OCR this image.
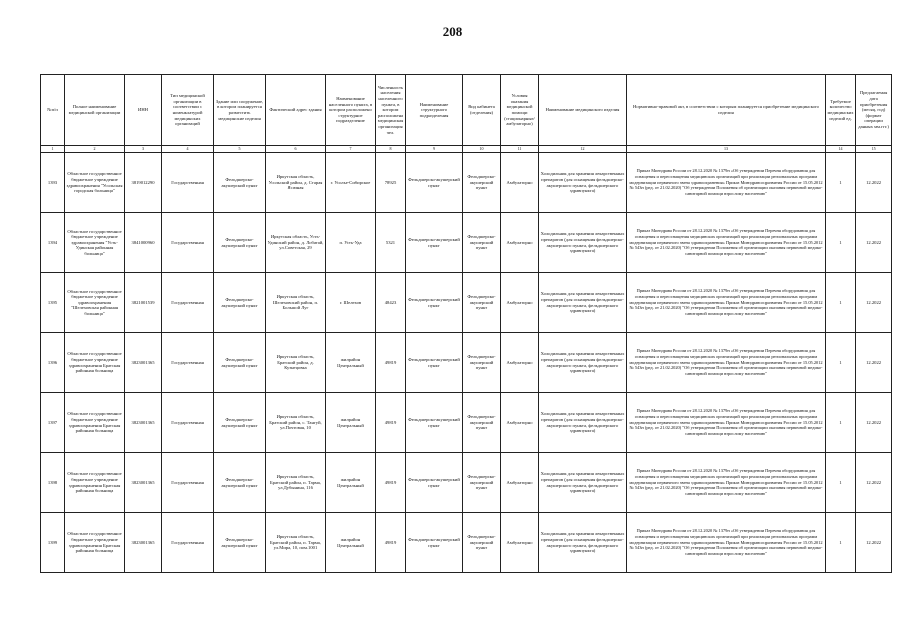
208
№п/п	Полное наименование медицинской организации	ИНН	Тип медицинской организации в соответствии с номенклатурой медицинских организаций	Здание или сооружение, в котором планируется разместить медицинские изделия	Фактический адрес здания	Наименование населенного пункта, в котором расположено структурное подразделение	Численность населения населенного пункта, в котором расположена медицинская организация чел.	Наименование структурного подразделения	Вид кабинета (отделения)	Условия оказания медицинской помощи (стационарные/ амбулаторно)	Наименование медицинского изделия	Нормативно-правовой акт, в соответствии с которым планируется приобретение медицинского изделия	Требуемое количество медицинских изделий ед.	Предлагаемая дата приобретения (месяц, год) (формат операции данных мм.ггг.)
1	2	3	4	5	6	7	8	9	10	11	12	13	14	15
1393	Областное государственное бюджетное учреждение здравоохранения "Усольская городская больница"	3819012290	Государственная	Фельдшерско-акушерский пункт	Иркутская область, Усольский район, д. Старая Ясачная	г. Усолье-Сибирское	78925	Фельдшерско-акушерский пункт	Фельдшерско-акушерский пункт	Амбулаторно	Холодильник для хранения лекарственных препаратов (для оснащения фельдшерско-акушерского пункта, фельдшерского здравпункта)	Приказ Минздрава России от 28.12.2020 № 1379н «Об утверждении Перечня оборудования для оснащения и переоснащения медицинских организаций при реализации региональных программ модернизации первичного звена здравоохранения» Приказ Минздравсоцразвития России от 15.05.2012 № 543н (ред. от 21.02.2020) "Об утверждении Положения об организации оказания первичной медико-санитарной помощи взрослому населению"	1	12.2022
1394	Областное государственное бюджетное учреждение здравоохранения "Усть-Удинская районная больница"	3841000960	Государственная	Фельдшерско-акушерский пункт	Иркутская область, Усть-Удинский район, д. Лобатай, ул.Советская, 29	п. Усть-Уда	5321	Фельдшерско-акушерский пункт	Фельдшерско-акушерский пункт	Амбулаторно	Холодильник для хранения лекарственных препаратов (для оснащения фельдшерско-акушерского пункта, фельдшерского здравпункта)	Приказ Минздрава России от 28.12.2020 № 1379н «Об утверждении Перечня оборудования для оснащения и переоснащения медицинских организаций при реализации региональных программ модернизации первичного звена здравоохранения» Приказ Минздравсоцразвития России от 15.05.2012 № 543н (ред. от 21.02.2020) "Об утверждении Положения об организации оказания первичной медико-санитарной помощи взрослому населению"	1	12.2022
1395	Областное государственное бюджетное учреждение здравоохранения "Шелеховская районная больница"	3821001539	Государственная	Фельдшерско-акушерский пункт	Иркутская область, Шелеховский район, п. Большой Луг	г. Шелехов	48423	Фельдшерско-акушерский пункт	Фельдшерско-акушерский пункт	Амбулаторно	Холодильник для хранения лекарственных препаратов (для оснащения фельдшерско-акушерского пункта, фельдшерского здравпункта)	Приказ Минздрава России от 28.12.2020 № 1379н «Об утверждении Перечня оборудования для оснащения и переоснащения медицинских организаций при реализации региональных программ модернизации первичного звена здравоохранения» Приказ Минздравсоцразвития России от 15.05.2012 № 543н (ред. от 21.02.2020) "Об утверждении Положения об организации оказания первичной медико-санитарной помощи взрослому населению"	1	12.2022
1396	Областное государственное бюджетное учреждение здравоохранения Братская районная больница	3823001365	Государственная	Фельдшерско-акушерский пункт	Иркутская область, Братский район, д. Кузнецовка	жилрайон Центральный	49819	Фельдшерско-акушерский пункт	Фельдшерско-акушерский пункт	Амбулаторно	Холодильник для хранения лекарственных препаратов (для оснащения фельдшерско-акушерского пункта, фельдшерского здравпункта)	Приказ Минздрава России от 28.12.2020 № 1379н «Об утверждении Перечня оборудования для оснащения и переоснащения медицинских организаций при реализации региональных программ модернизации первичного звена здравоохранения» Приказ Минздравсоцразвития России от 15.05.2012 № 543н (ред. от 21.02.2020) "Об утверждении Положения об организации оказания первичной медико-санитарной помощи взрослому населению"	1	12.2022
1397	Областное государственное бюджетное учреждение здравоохранения Братская районная больница	3823001365	Государственная	Фельдшерско-акушерский пункт	Иркутская область, Братский район, с. Тангуй, ул.Почтовая, 10	жилрайон Центральный	49819	Фельдшерско-акушерский пункт	Фельдшерско-акушерский пункт	Амбулаторно	Холодильник для хранения лекарственных препаратов (для оснащения фельдшерско-акушерского пункта, фельдшерского здравпункта)	Приказ Минздрава России от 28.12.2020 № 1379н «Об утверждении Перечня оборудования для оснащения и переоснащения медицинских организаций при реализации региональных программ модернизации первичного звена здравоохранения» Приказ Минздравсоцразвития России от 15.05.2012 № 543н (ред. от 21.02.2020) "Об утверждении Положения об организации оказания первичной медико-санитарной помощи взрослому населению"	1	12.2022
1398	Областное государственное бюджетное учреждение здравоохранения Братская районная больница	3823001365	Государственная	Фельдшерско-акушерский пункт	Иркутская область, Братский район, п. Тарма, ул.Дубынина, 116	жилрайон Центральный	49819	Фельдшерско-акушерский пункт	Фельдшерско-акушерский пункт	Амбулаторно	Холодильник для хранения лекарственных препаратов (для оснащения фельдшерско-акушерского пункта, фельдшерского здравпункта)	Приказ Минздрава России от 28.12.2020 № 1379н «Об утверждении Перечня оборудования для оснащения и переоснащения медицинских организаций при реализации региональных программ модернизации первичного звена здравоохранения» Приказ Минздравсоцразвития России от 15.05.2012 № 543н (ред. от 21.02.2020) "Об утверждении Положения об организации оказания первичной медико-санитарной помощи взрослому населению"	1	12.2022
1399	Областное государственное бюджетное учреждение здравоохранения Братская районная больница	3823001365	Государственная	Фельдшерско-акушерский пункт	Иркутская область, Братский район, п. Тарма, ул.Мира, 10, пом.1001	жилрайон Центральный	49819	Фельдшерско-акушерский пункт	Фельдшерско-акушерский пункт	Амбулаторно	Холодильник для хранения лекарственных препаратов (для оснащения фельдшерско-акушерского пункта, фельдшерского здравпункта)	Приказ Минздрава России от 28.12.2020 № 1379н «Об утверждении Перечня оборудования для оснащения и переоснащения медицинских организаций при реализации региональных программ модернизации первичного звена здравоохранения» Приказ Минздравсоцразвития России от 15.05.2012 № 543н (ред. от 21.02.2020) "Об утверждении Положения об организации оказания первичной медико-санитарной помощи взрослому населению"	1	12.2022
